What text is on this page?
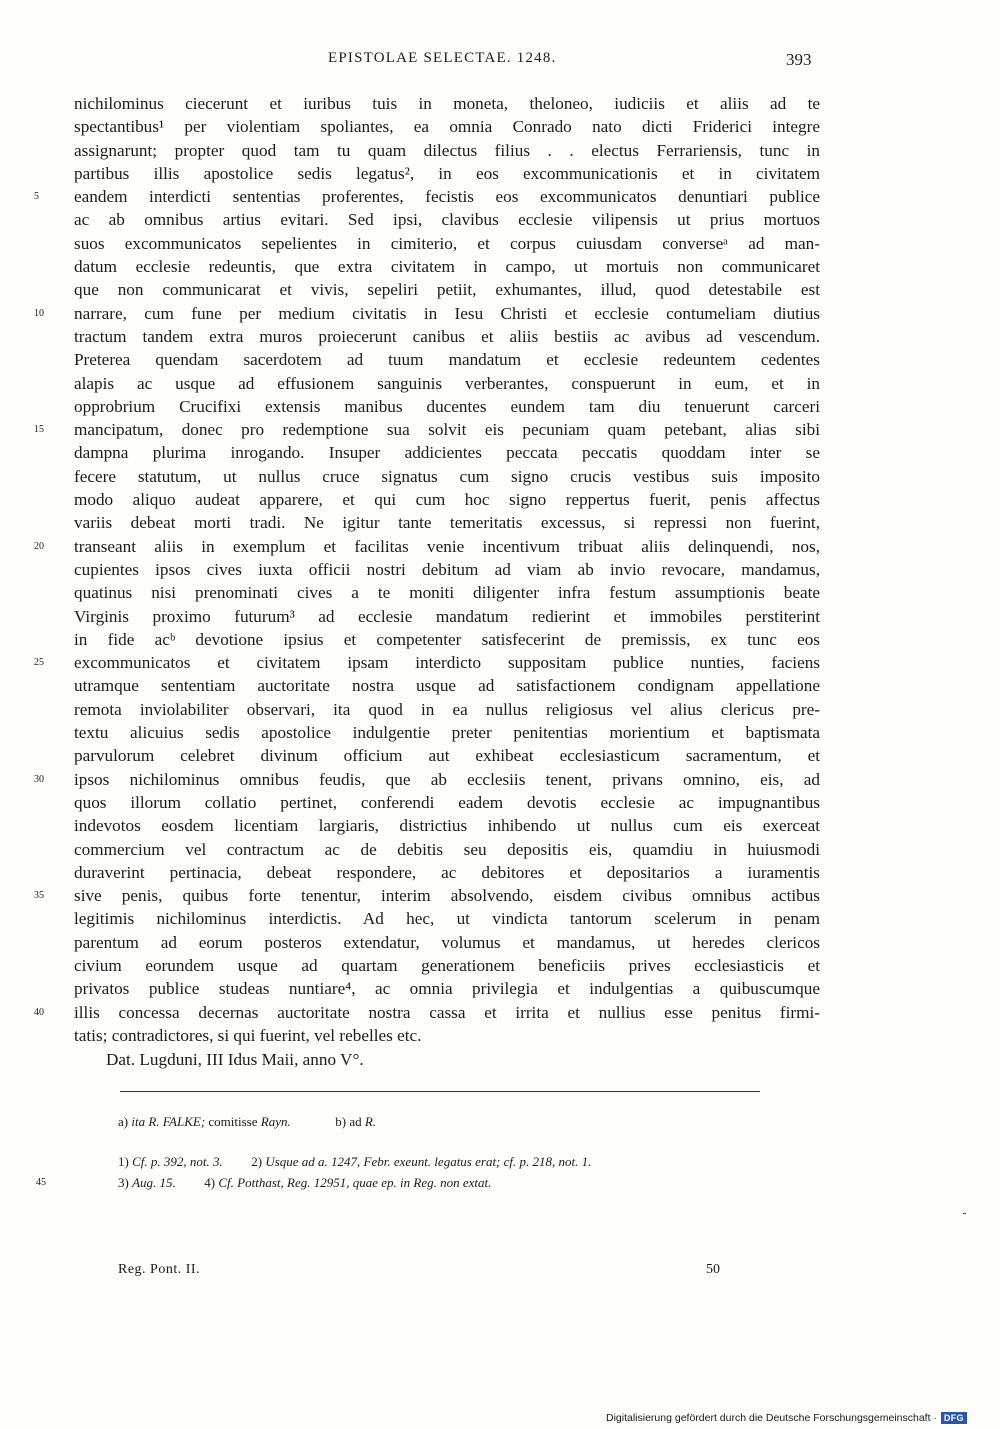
EPISTOLAE SELECTAE. 1248.	393
nichilominus ciecerunt et iuribus tuis in moneta, theloneo, iudiciis et aliis ad te
spectantibus¹ per violentiam spoliantes, ea omnia Conrado nato dicti Friderici integre
assignarunt; propter quod tam tu quam dilectus filius . . electus Ferrariensis, tunc in
partibus illis apostolice sedis legatus², in eos excommunicationis et in civitatem
5	eandem interdicti sententias proferentes, fecistis eos excommunicatos denuntiari publice
ac ab omnibus artius evitari. Sed ipsi, clavibus ecclesie vilipensis ut prius mortuos
suos excommunicatos sepelientes in cimiterio, et corpus cuiusdam converseᵃ ad man-
datum ecclesie redeuntis, que extra civitatem in campo, ut mortuis non communicaret
que non communicarat et vivis, sepeliri petiit, exhumantes, illud, quod detestabile est
10	narrare, cum fune per medium civitatis in Iesu Christi et ecclesie contumeliam diutius
tractum tandem extra muros proiecerunt canibus et aliis bestiis ac avibus ad vescendum.
Preterea quendam sacerdotem ad tuum mandatum et ecclesie redeuntem cedentes
alapis ac usque ad effusionem sanguinis verberantes, conspuerunt in eum, et in
opprobrium Crucifixi extensis manibus ducentes eundem tam diu tenuerunt carceri
15	mancipatum, donec pro redemptione sua solvit eis pecuniam quam petebant, alias sibi
dampna plurima inrogando. Insuper addicientes peccata peccatis quoddam inter se
fecere statutum, ut nullus cruce signatus cum signo crucis vestibus suis imposito
modo aliquo audeat apparere, et qui cum hoc signo reppertus fuerit, penis affectus
variis debeat morti tradi. Ne igitur tante temeritatis excessus, si repressi non fuerint,
20	transeant aliis in exemplum et facilitas venie incentivum tribuat aliis delinquendi, nos,
cupientes ipsos cives iuxta officii nostri debitum ad viam ab invio revocare, mandamus,
quatinus nisi prenominati cives a te moniti diligenter infra festum assumptionis beate
Virginis proximo futurum³ ad ecclesie mandatum redierint et immobiles perstiterint
in fide acᵇ devotione ipsius et competenter satisfecerint de premissis, ex tunc eos
25	excommunicatos et civitatem ipsam interdicto suppositam publice nunties, faciens
utramque sententiam auctoritate nostra usque ad satisfactionem condignam appellatione
remota inviolabiliter observari, ita quod in ea nullus religiosus vel alius clericus pre-
textu alicuius sedis apostolice indulgentie preter penitentias morientium et baptismata
parvulorum celebret divinum officium aut exhibeat ecclesiasticum sacramentum, et
30	ipsos nichilominus omnibus feudis, que ab ecclesiis tenent, privans omnino, eis, ad
quos illorum collatio pertinet, conferendi eadem devotis ecclesie ac impugnantibus
indevotos eosdem licentiam largiaris, districtius inhibendo ut nullus cum eis exerceat
commercium vel contractum ac de debitis seu depositis eis, quamdiu in huiusmodi
duraverint pertinacia, debeat respondere, ac debitores et depositarios a iuramentis
35	sive penis, quibus forte tenentur, interim absolvendo, eisdem civibus omnibus actibus
legitimis nichilominus interdictis. Ad hec, ut vindicta tantorum scelerum in penam
parentum ad eorum posteros extendatur, volumus et mandamus, ut heredes clericos
civium eorundem usque ad quartam generationem beneficiis prives ecclesiasticis et
privatos publice studeas nuntiare⁴, ac omnia privilegia et indulgentias a quibuscumque
40	illis concessa decernas auctoritate nostra cassa et irrita et nullius esse penitus firmi-
tatis; contradictores, si qui fuerint, vel rebelles etc.
Dat. Lugduni, III Idus Maii, anno V°.
a) ita R. FALKE; comitisse Rayn.	b) ad R.
1) Cf. p. 392, not. 3. 2) Usque ad a. 1247, Febr. exeunt. legatus erat; cf. p. 218, not. 1.
45	3) Aug. 15. 4) Cf. Potthast, Reg. 12951, quae ep. in Reg. non extat.
Reg. Pont. II.	50
Digitalisierung gefördert durch die Deutsche Forschungsgemeinschaft · DFG
